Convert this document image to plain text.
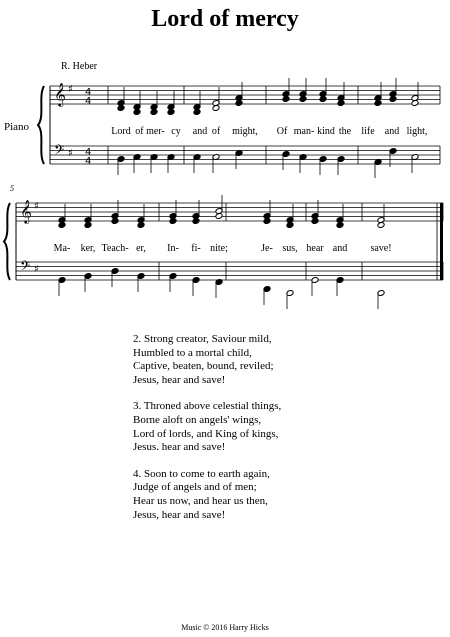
Lord of mercy
R. Heber
Piano
5
𝄞
𝄢
♯
♯
4
4
4
4
𝄞
𝄢
♯
♯
Lord of mer- cy and of might, Of man- kind the life and light,
Ma- ker, Teach- er, In- fi- nite;	Je- sus, hear and save!
2. Strong creator, Saviour mild,
Humbled to a mortal child,
Captive, beaten, bound, reviled;
Jesus, hear and save!
3. Throned above celestial things,
Borne aloft on angels' wings,
Lord of lords, and King of kings,
Jesus. hear and save!
4. Soon to come to earth again,
Judge of angels and of men;
Hear us now, and hear us then,
Jesus, hear and save!
Music © 2016 Harry Hicks
